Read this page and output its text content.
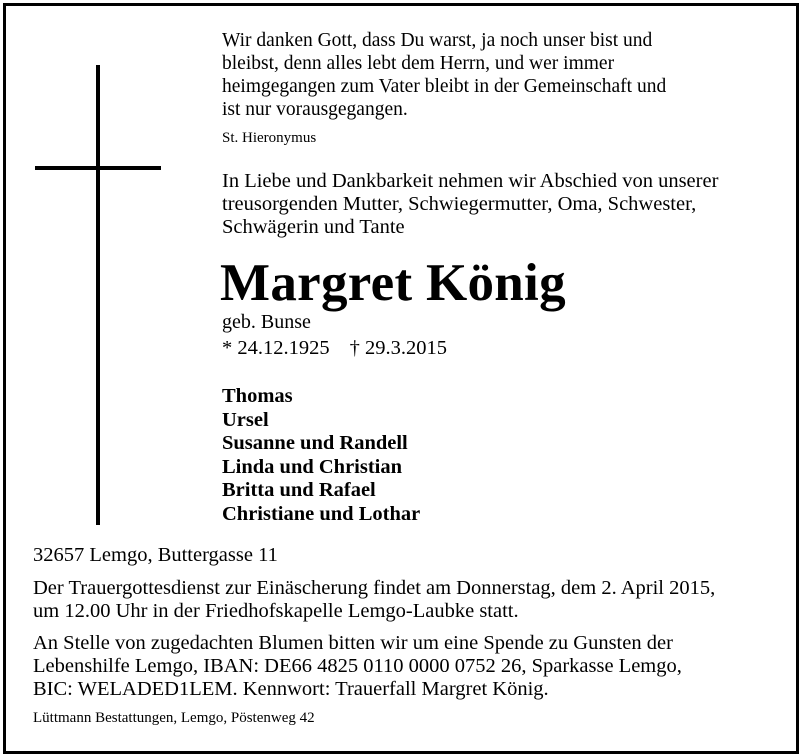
Wir danken Gott, dass Du warst, ja noch unser bist und
bleibst, denn alles lebt dem Herrn, und wer immer
heimgegangen zum Vater bleibt in der Gemeinschaft und
ist nur vorausgegangen.
St. Hieronymus
In Liebe und Dankbarkeit nehmen wir Abschied von unserer
treusorgenden Mutter, Schwiegermutter, Oma, Schwester,
Schwägerin und Tante
Margret König
geb. Bunse
* 24.12.1925 † 29.3.2015
Thomas
Ursel
Susanne und Randell
Linda und Christian
Britta und Rafael
Christiane und Lothar
32657 Lemgo, Buttergasse 11
Der Trauergottesdienst zur Einäscherung findet am Donnerstag, dem 2. April 2015,
um 12.00 Uhr in der Friedhofskapelle Lemgo-Laubke statt.
An Stelle von zugedachten Blumen bitten wir um eine Spende zu Gunsten der
Lebenshilfe Lemgo, IBAN: DE66 4825 0110 0000 0752 26, Sparkasse Lemgo,
BIC: WELADED1LEM. Kennwort: Trauerfall Margret König.
Lüttmann Bestattungen, Lemgo, Pöstenweg 42
